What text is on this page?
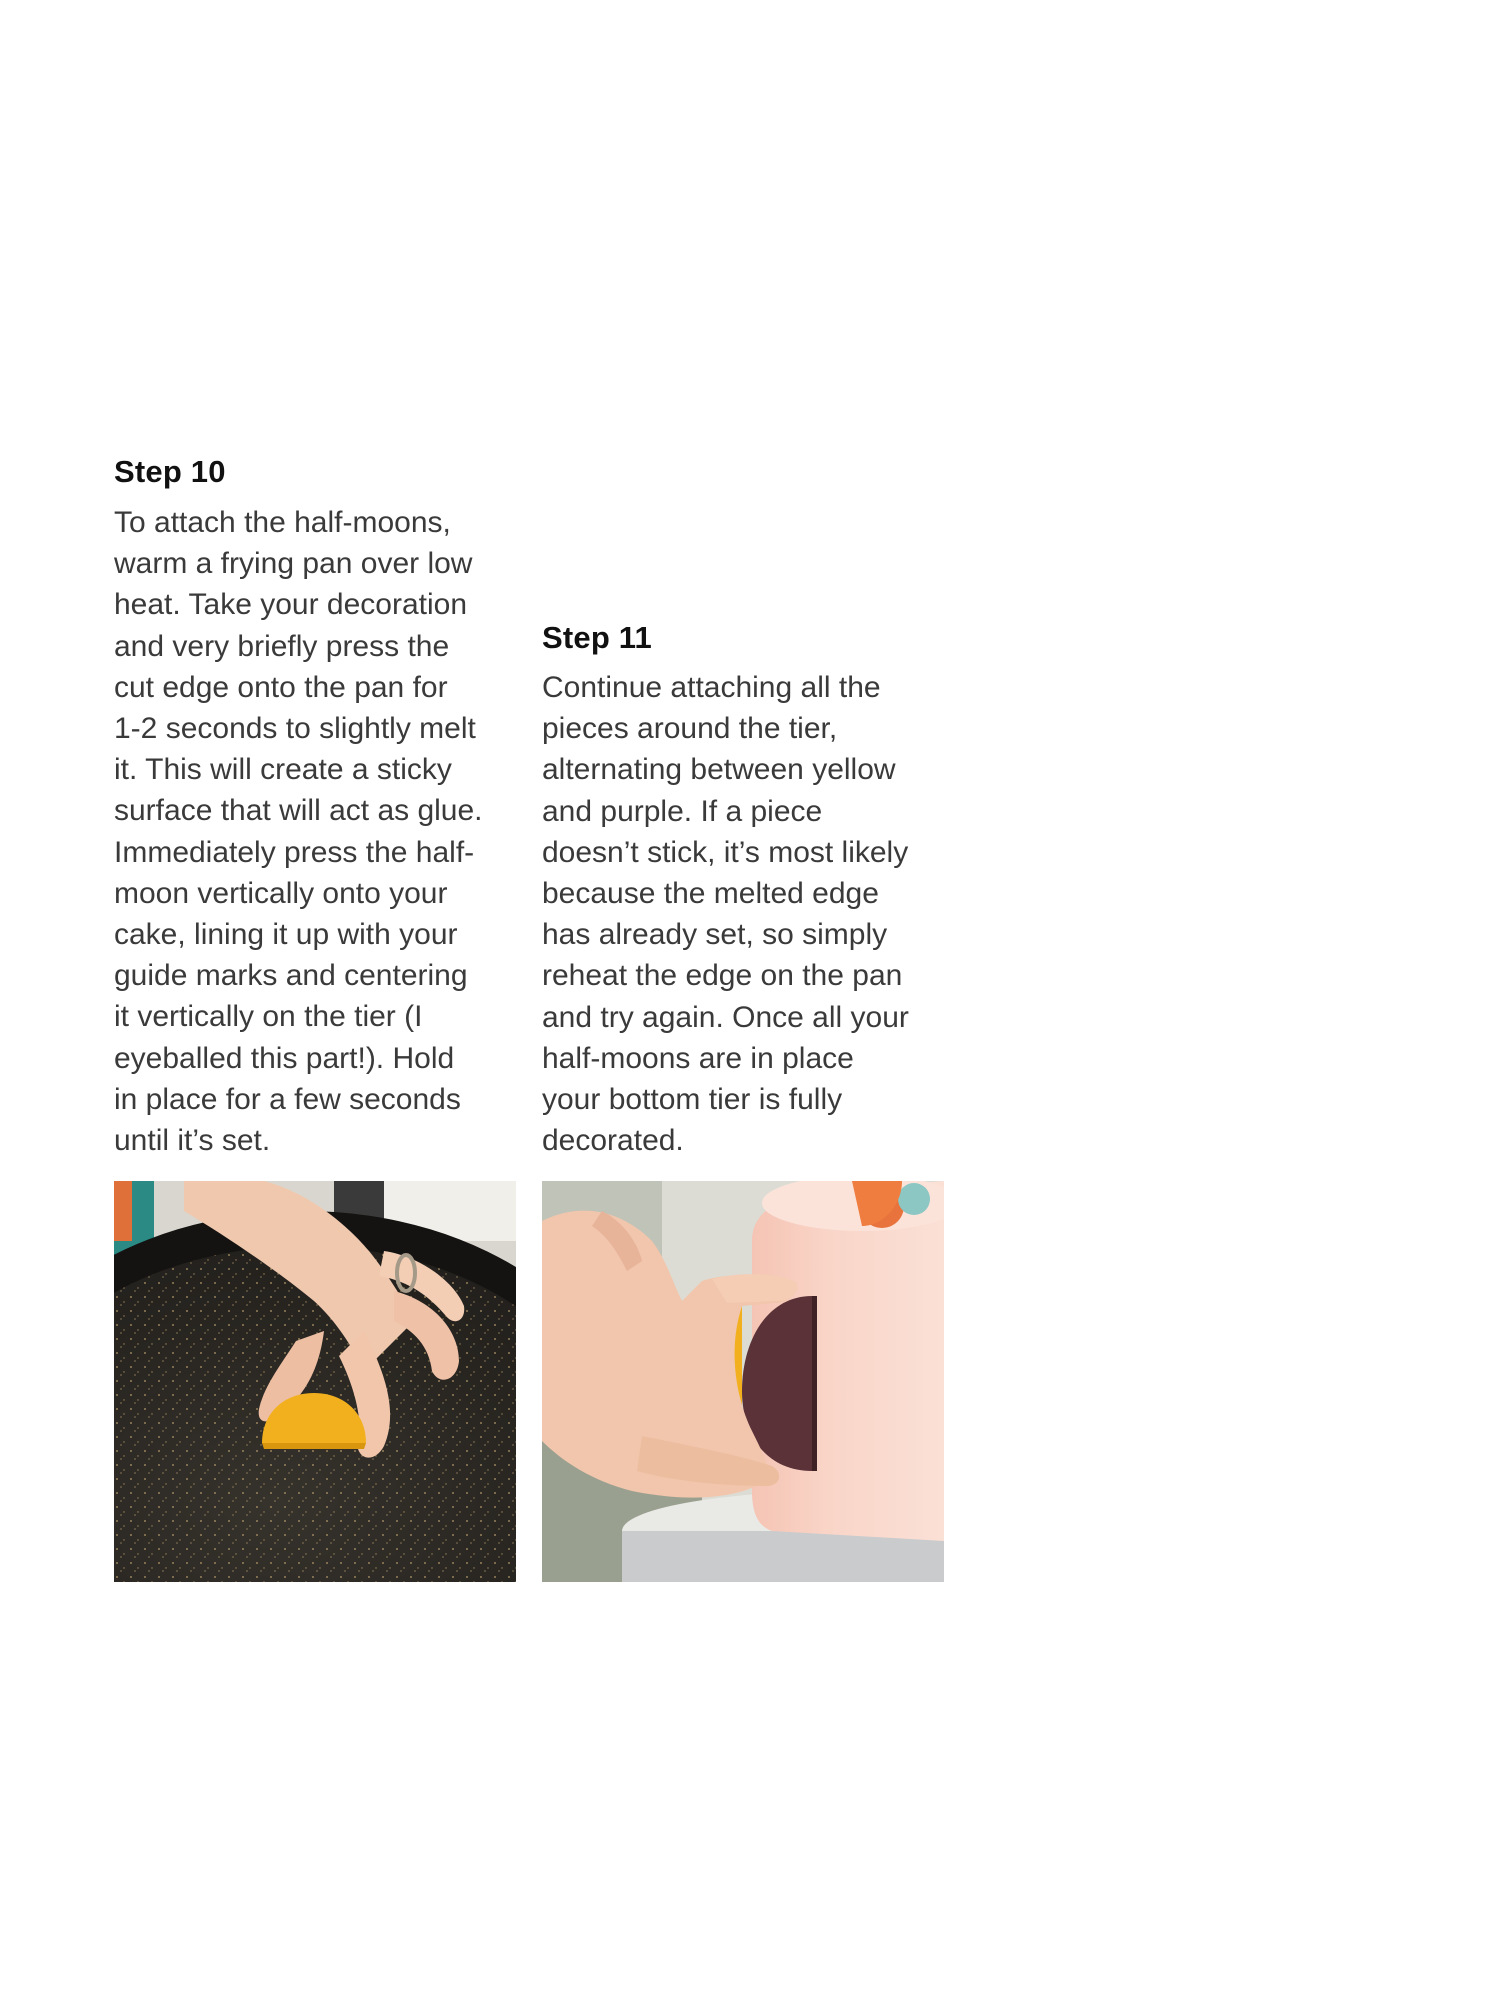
Step 10

To attach the half-moons,
warm a frying pan over low
heat. Take your decoration
and very briefly press the
cut edge onto the pan for
1-2 seconds to slightly melt
it. This will create a sticky
surface that will act as glue.
Immediately press the half-
moon vertically onto your
cake, lining it up with your
guide marks and centering
it vertically on the tier (I
eyeballed this part!). Hold
in place for a few seconds
until it’s set.

Step 11

Continue attaching all the
pieces around the tier,
alternating between yellow
and purple. If a piece
doesn’t stick, it’s most likely
because the melted edge
has already set, so simply
reheat the edge on the pan
and try again. Once all your
half-moons are in place
your bottom tier is fully
decorated.
